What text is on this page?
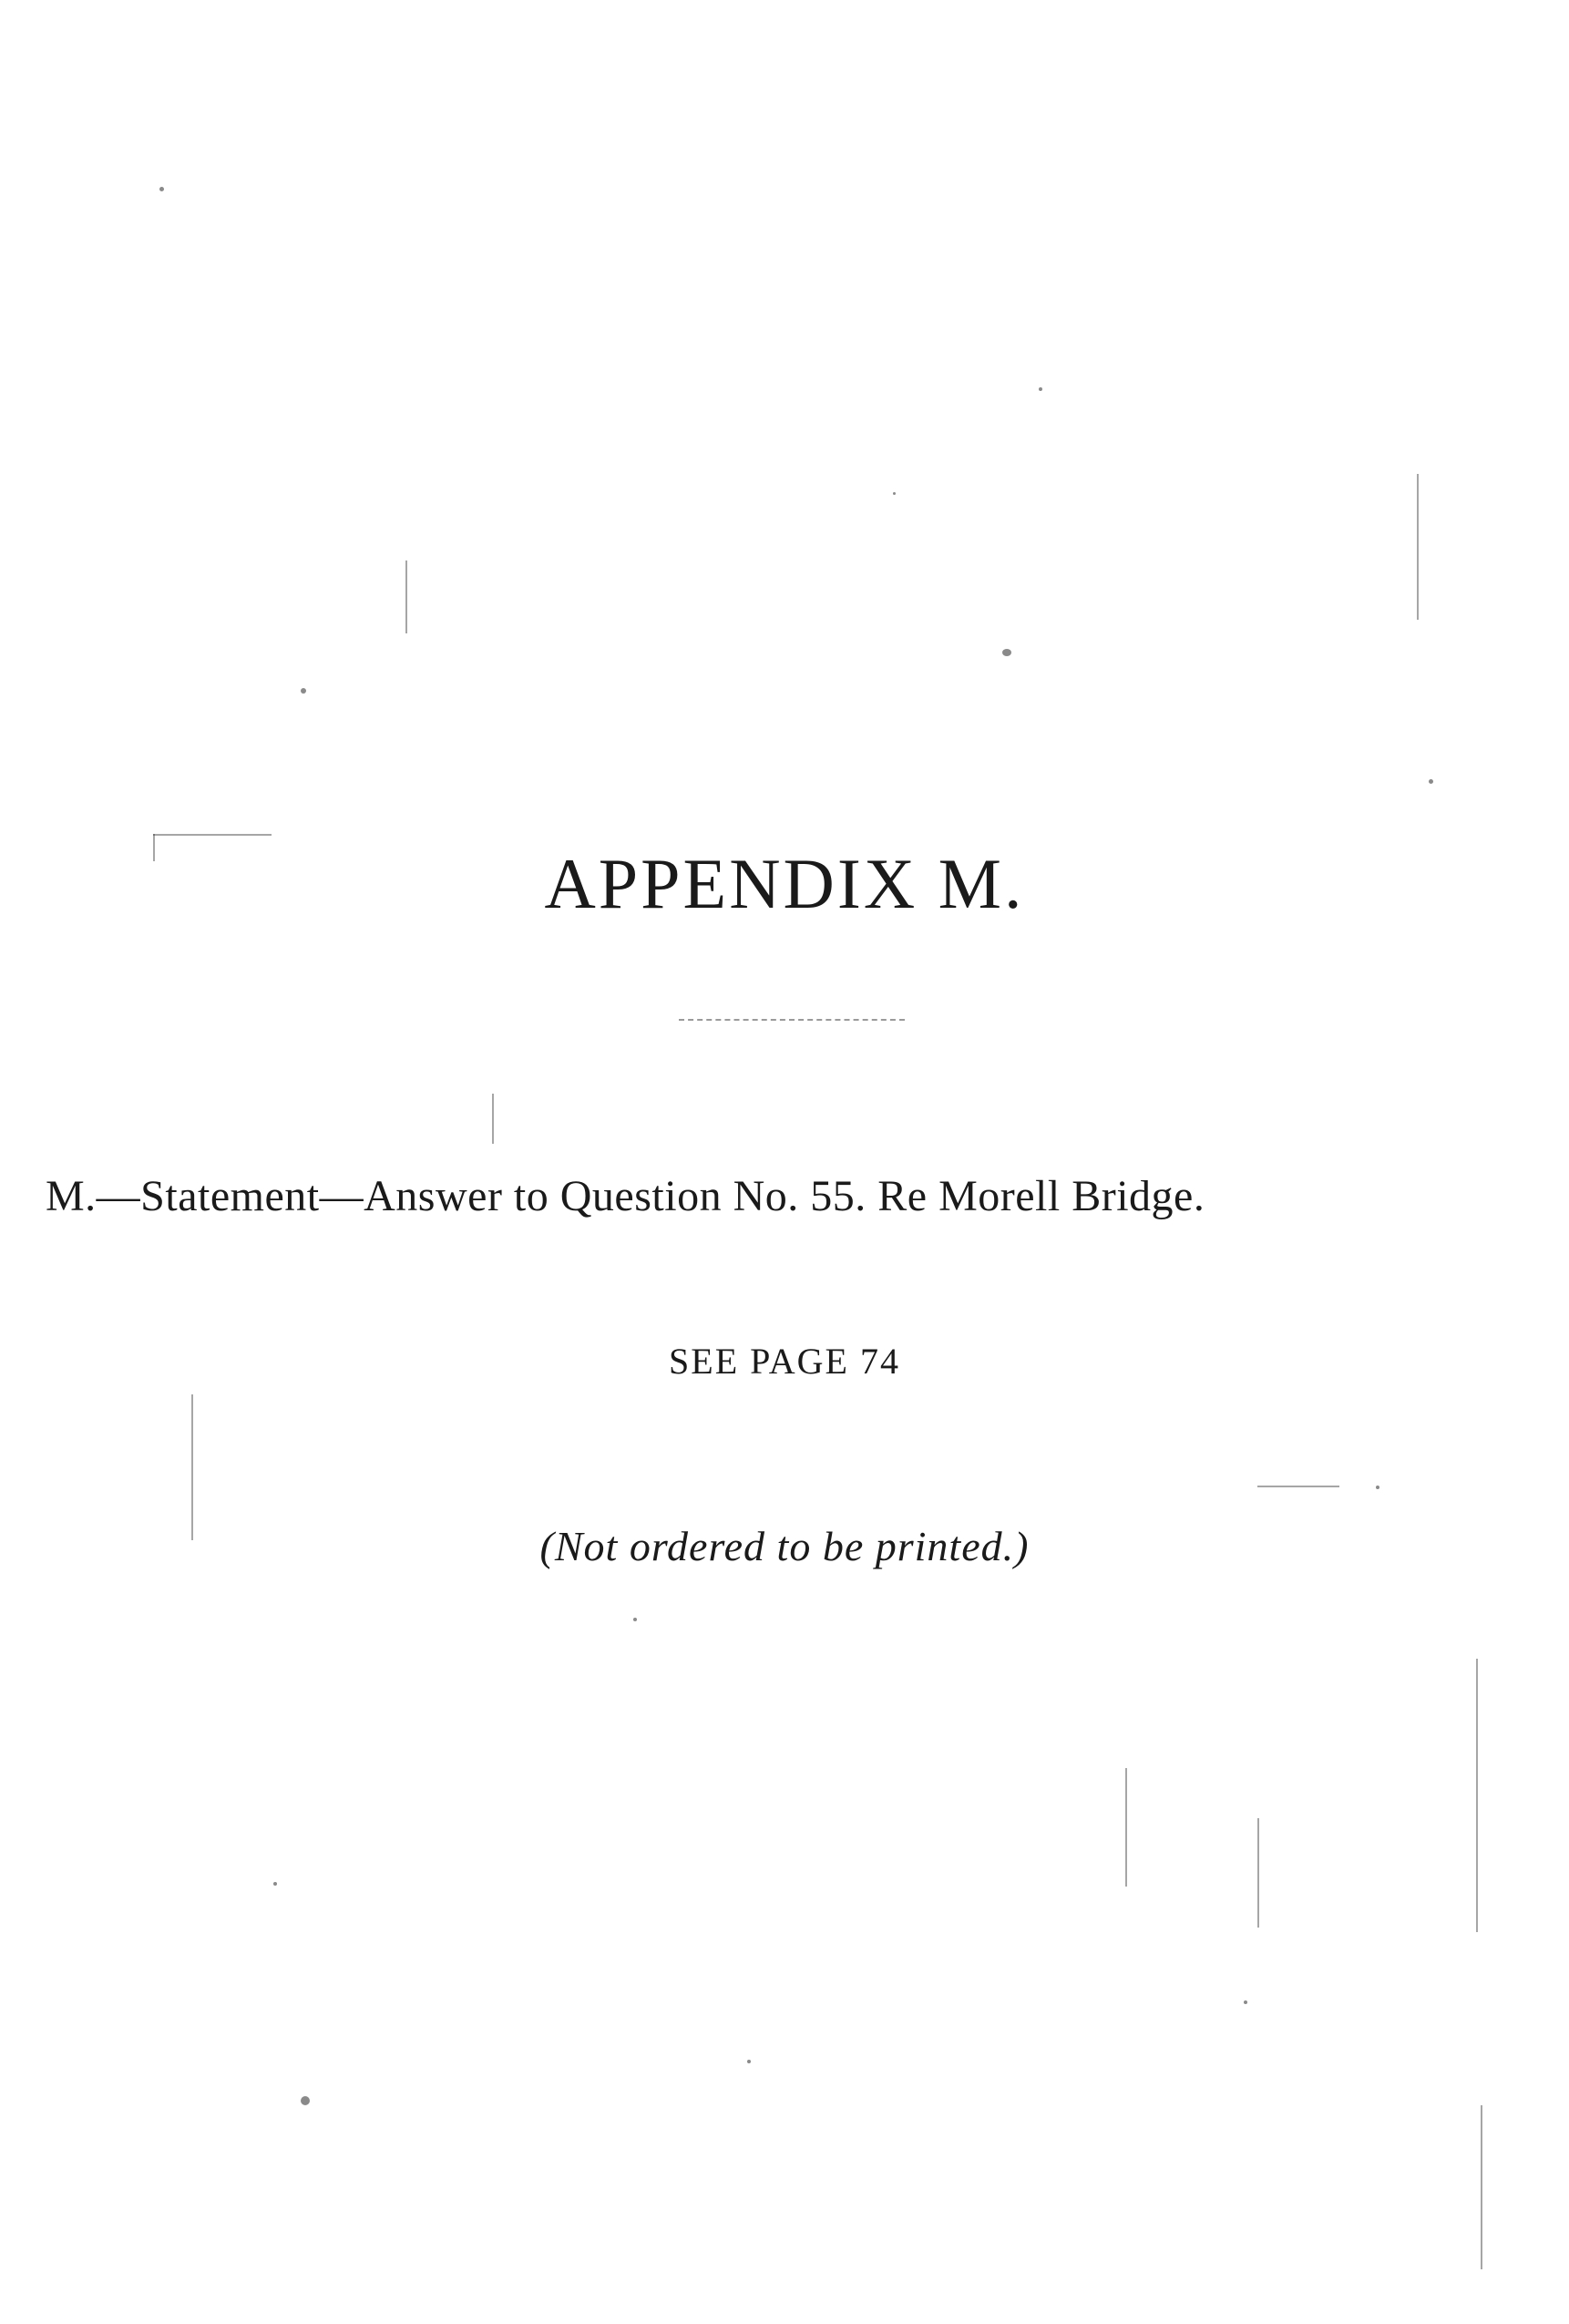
APPENDIX M.

M.—Statement—Answer to Question No. 55. Re Morell Bridge.

SEE PAGE 74

(Not ordered to be printed.)
